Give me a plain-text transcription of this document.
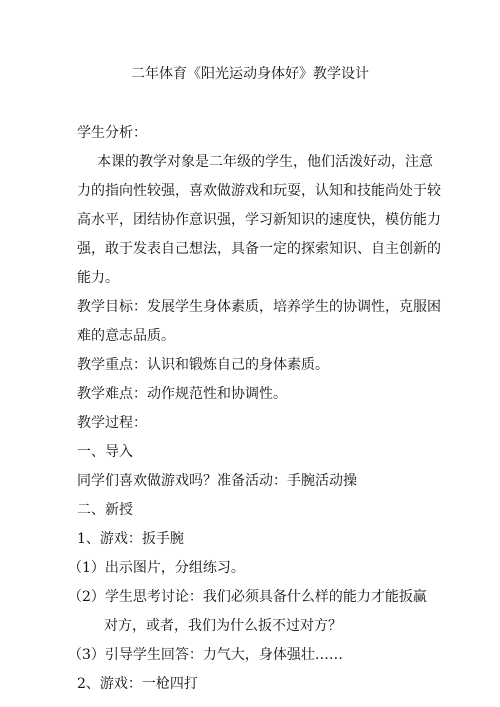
二年体育《阳光运动身体好》教学设计
学生分析：
本课的教学对象是二年级的学生，他们活泼好动，注意
力的指向性较强，喜欢做游戏和玩耍，认知和技能尚处于较
高水平，团结协作意识强，学习新知识的速度快，模仿能力
强，敢于发表自己想法，具备一定的探索知识、自主创新的
能力。
教学目标：发展学生身体素质，培养学生的协调性，克服困
难的意志品质。
教学重点：认识和锻炼自己的身体素质。
教学难点：动作规范性和协调性。
教学过程：
一、导入
同学们喜欢做游戏吗？准备活动：手腕活动操
二、新授
1、游戏：扳手腕
（1）出示图片，分组练习。
（2）学生思考讨论：我们必须具备什么样的能力才能扳赢
对方，或者，我们为什么扳不过对方？
（3）引导学生回答：力气大，身体强壮……
2、游戏：一枪四打
